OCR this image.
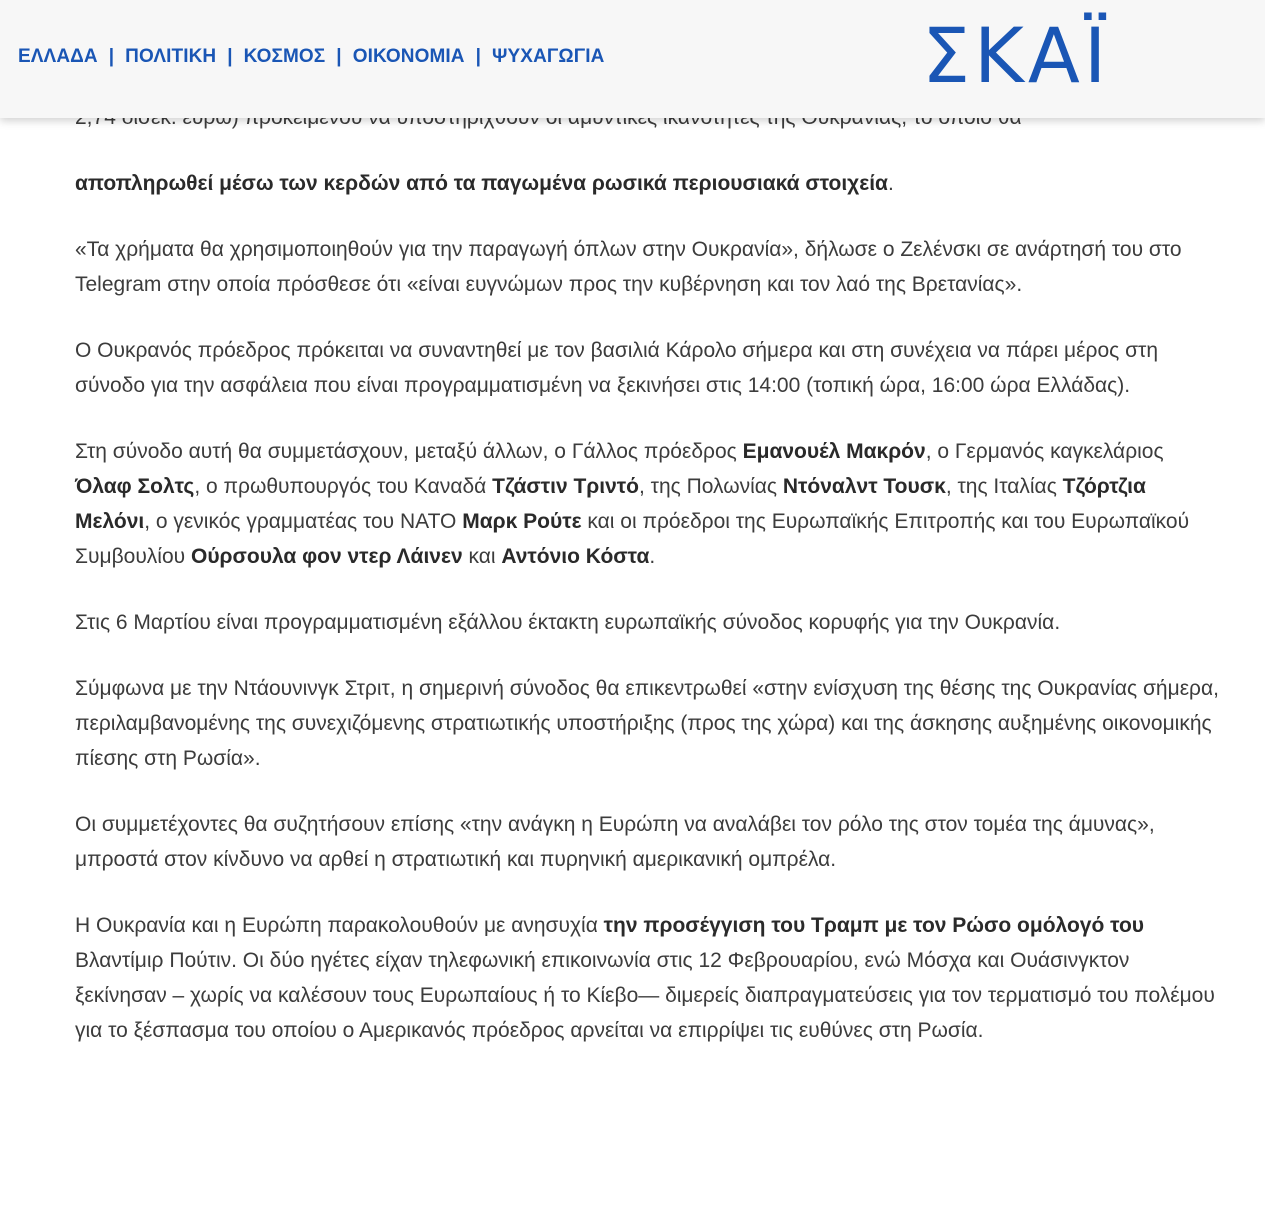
ΕΛΛΑΔΑ | ΠΟΛΙΤΙΚΗ | ΚΟΣΜΟΣ | ΟΙΚΟΝΟΜΙΑ | ΨΥΧΑΓΩΓΙΑ	ΣΚΑΪ

αποπληρωθεί μέσω των κερδών από τα παγωμένα ρωσικά περιουσιακά στοιχεία.

«Τα χρήματα θα χρησιμοποιηθούν για την παραγωγή όπλων στην Ουκρανία», δήλωσε ο Ζελένσκι σε ανάρτησή του στο Telegram στην οποία πρόσθεσε ότι «είναι ευγνώμων προς την κυβέρνηση και τον λαό της Βρετανίας».

Ο Ουκρανός πρόεδρος πρόκειται να συναντηθεί με τον βασιλιά Κάρολο σήμερα και στη συνέχεια να πάρει μέρος στη σύνοδο για την ασφάλεια που είναι προγραμματισμένη να ξεκινήσει στις 14:00 (τοπική ώρα, 16:00 ώρα Ελλάδας).

Στη σύνοδο αυτή θα συμμετάσχουν, μεταξύ άλλων, ο Γάλλος πρόεδρος Εμανουέλ Μακρόν, ο Γερμανός καγκελάριος Όλαφ Σολτς, ο πρωθυπουργός του Καναδά Τζάστιν Τριντό, της Πολωνίας Ντόναλντ Τουσκ, της Ιταλίας Τζόρτζια Μελόνι, ο γενικός γραμματέας του ΝΑΤΟ Μαρκ Ρούτε και οι πρόεδροι της Ευρωπαϊκής Επιτροπής και του Ευρωπαϊκού Συμβουλίου Ούρσουλα φον ντερ Λάινεν και Αντόνιο Κόστα.

Στις 6 Μαρτίου είναι προγραμματισμένη εξάλλου έκτακτη ευρωπαϊκής σύνοδος κορυφής για την Ουκρανία.

Σύμφωνα με την Ντάουνινγκ Στριτ, η σημερινή σύνοδος θα επικεντρωθεί «στην ενίσχυση της θέσης της Ουκρανίας σήμερα, περιλαμβανομένης της συνεχιζόμενης στρατιωτικής υποστήριξης (προς της χώρα) και της άσκησης αυξημένης οικονομικής πίεσης στη Ρωσία».

Οι συμμετέχοντες θα συζητήσουν επίσης «την ανάγκη η Ευρώπη να αναλάβει τον ρόλο της στον τομέα της άμυνας», μπροστά στον κίνδυνο να αρθεί η στρατιωτική και πυρηνική αμερικανική ομπρέλα.

Η Ουκρανία και η Ευρώπη παρακολουθούν με ανησυχία την προσέγγιση του Τραμπ με τον Ρώσο ομόλογό του Βλαντίμιρ Πούτιν. Οι δύο ηγέτες είχαν τηλεφωνική επικοινωνία στις 12 Φεβρουαρίου, ενώ Μόσχα και Ουάσινγκτον ξεκίνησαν – χωρίς να καλέσουν τους Ευρωπαίους ή το Κίεβο— διμερείς διαπραγματεύσεις για τον τερματισμό του πολέμου για το ξέσπασμα του οποίου ο Αμερικανός πρόεδρος αρνείται να επιρρίψει τις ευθύνες στη Ρωσία.
